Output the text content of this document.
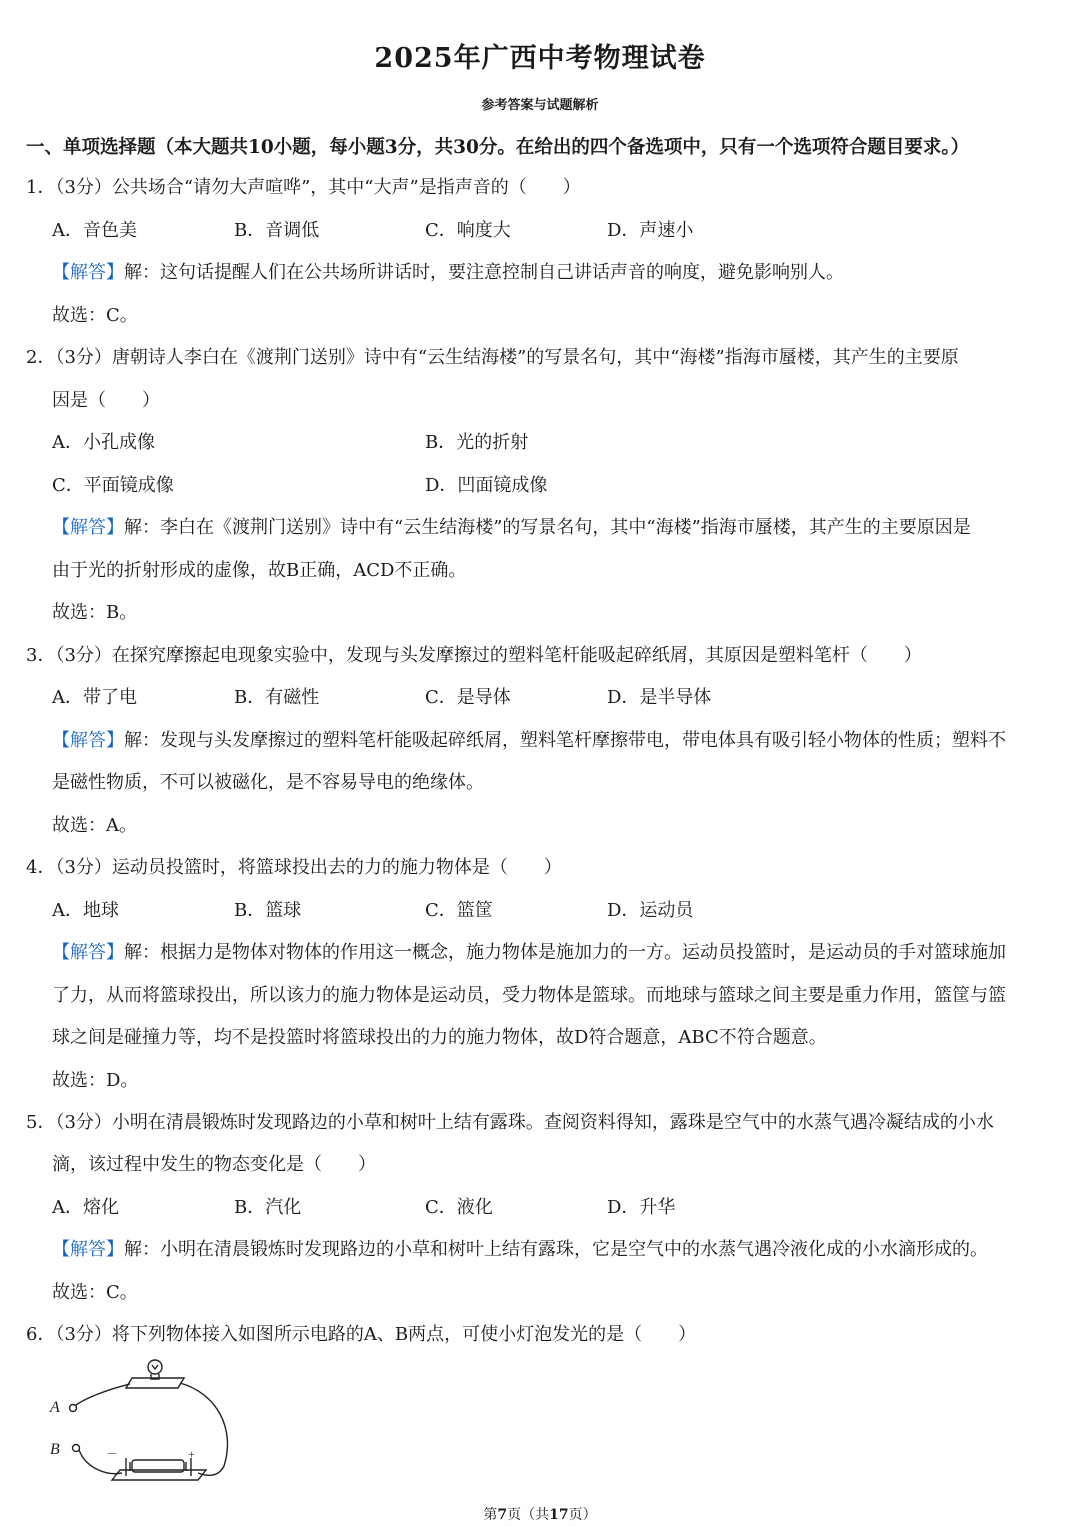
2025年广西中考物理试卷
参考答案与试题解析
一、单项选择题（本大题共10小题，每小题3分，共30分。在给出的四个备选项中，只有一个选项符合题目要求。）
1．（3分）公共场合“请勿大声喧哗”，其中“大声”是指声音的（　　）
A．音色美	B．音调低	C．响度大	D．声速小
【解答】解：这句话提醒人们在公共场所讲话时，要注意控制自己讲话声音的响度，避免影响别人。
故选：C。
2．（3分）唐朝诗人李白在《渡荆门送别》诗中有“云生结海楼”的写景名句，其中“海楼”指海市蜃楼，其产生的主要原
因是（　　）
A．小孔成像	B．光的折射
C．平面镜成像	D．凹面镜成像
【解答】解：李白在《渡荆门送别》诗中有“云生结海楼”的写景名句，其中“海楼”指海市蜃楼，其产生的主要原因是
由于光的折射形成的虚像，故B正确，ACD不正确。
故选：B。
3．（3分）在探究摩擦起电现象实验中，发现与头发摩擦过的塑料笔杆能吸起碎纸屑，其原因是塑料笔杆（　　）
A．带了电	B．有磁性	C．是导体	D．是半导体
【解答】解：发现与头发摩擦过的塑料笔杆能吸起碎纸屑，塑料笔杆摩擦带电，带电体具有吸引轻小物体的性质；塑料不
是磁性物质，不可以被磁化，是不容易导电的绝缘体。
故选：A。
4．（3分）运动员投篮时，将篮球投出去的力的施力物体是（　　）
A．地球	B．篮球	C．篮筐	D．运动员
【解答】解：根据力是物体对物体的作用这一概念，施力物体是施加力的一方。运动员投篮时，是运动员的手对篮球施加
了力，从而将篮球投出，所以该力的施力物体是运动员，受力物体是篮球。而地球与篮球之间主要是重力作用，篮筐与篮
球之间是碰撞力等，均不是投篮时将篮球投出的力的施力物体，故D符合题意，ABC不符合题意。
故选：D。
5．（3分）小明在清晨锻炼时发现路边的小草和树叶上结有露珠。查阅资料得知，露珠是空气中的水蒸气遇冷凝结成的小水
滴，该过程中发生的物态变化是（　　）
A．熔化	B．汽化	C．液化	D．升华
【解答】解：小明在清晨锻炼时发现路边的小草和树叶上结有露珠，它是空气中的水蒸气遇冷液化成的小水滴形成的。
故选：C。
6．（3分）将下列物体接入如图所示电路的A、B两点，可使小灯泡发光的是（　　）
A
B	+
－
第7页（共17页）
